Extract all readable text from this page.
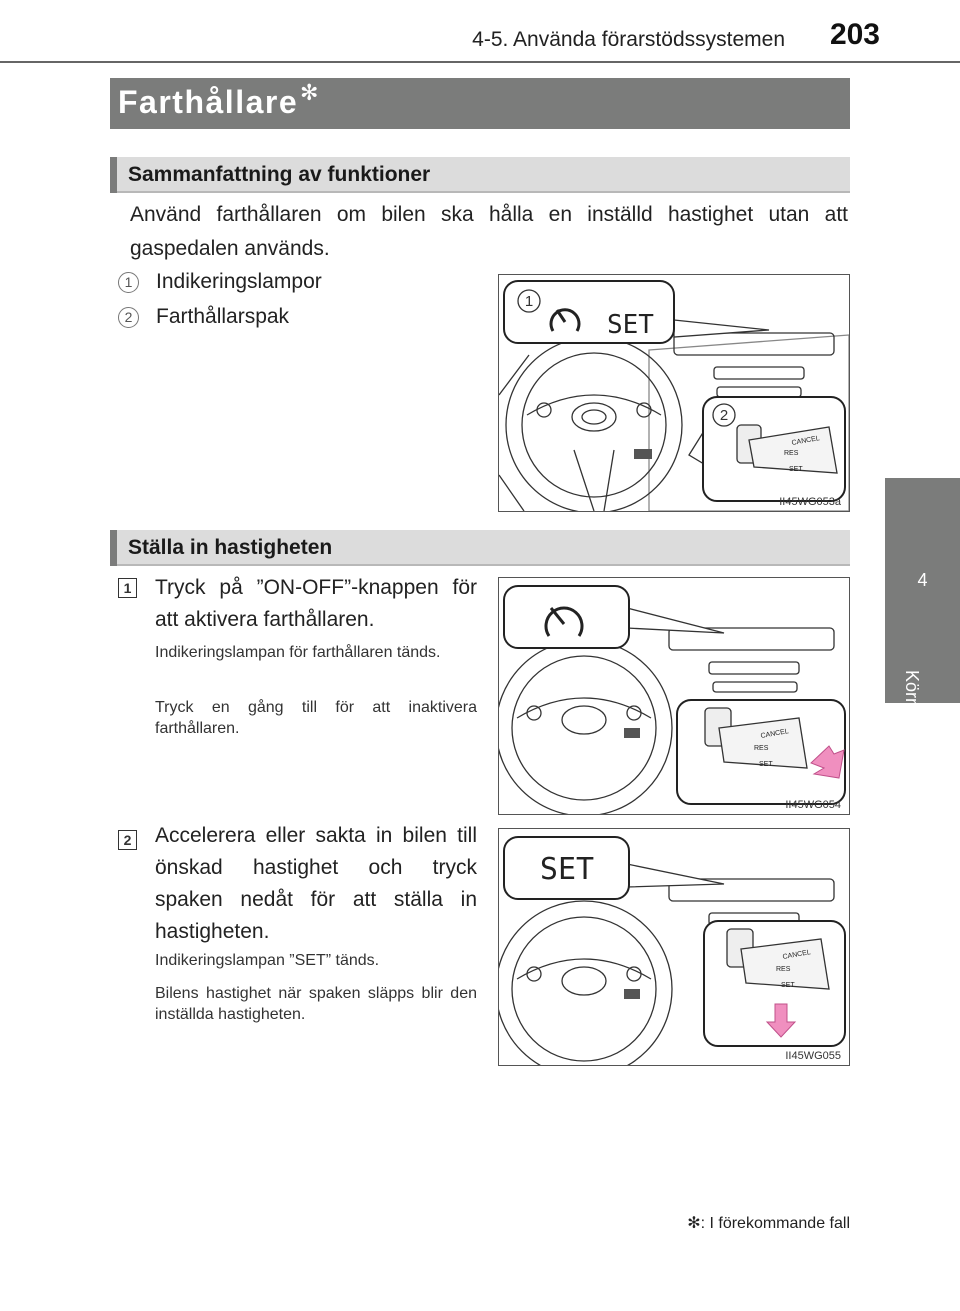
4-5. Använda förarstödssystemen	203
4
Körning
Farthållare ✻
Sammanfattning av funktioner
Använd farthållaren om bilen ska hålla en inställd hastighet utan att gaspedalen används.
1	Indikeringslampor
2	Farthållarspak
1
SET
2
CANCEL
RES
SET
II45WG053a
Ställa in hastigheten
1 Tryck på ”ON-OFF”-knappen för att aktivera farthållaren.
Indikeringslampan för farthållaren tänds.
Tryck en gång till för att inaktivera farthållaren.	CANCEL
RES
SET
II45WG054
2 Accelerera eller sakta in bilen till önskad hastighet och tryck spaken nedåt för att ställa in hastigheten.
Indikeringslampan ”SET” tänds.
Bilens hastighet när spaken släpps blir den inställda hastigheten.
SET
CANCEL
RES
SET
II45WG055
✻: I förekommande fall
